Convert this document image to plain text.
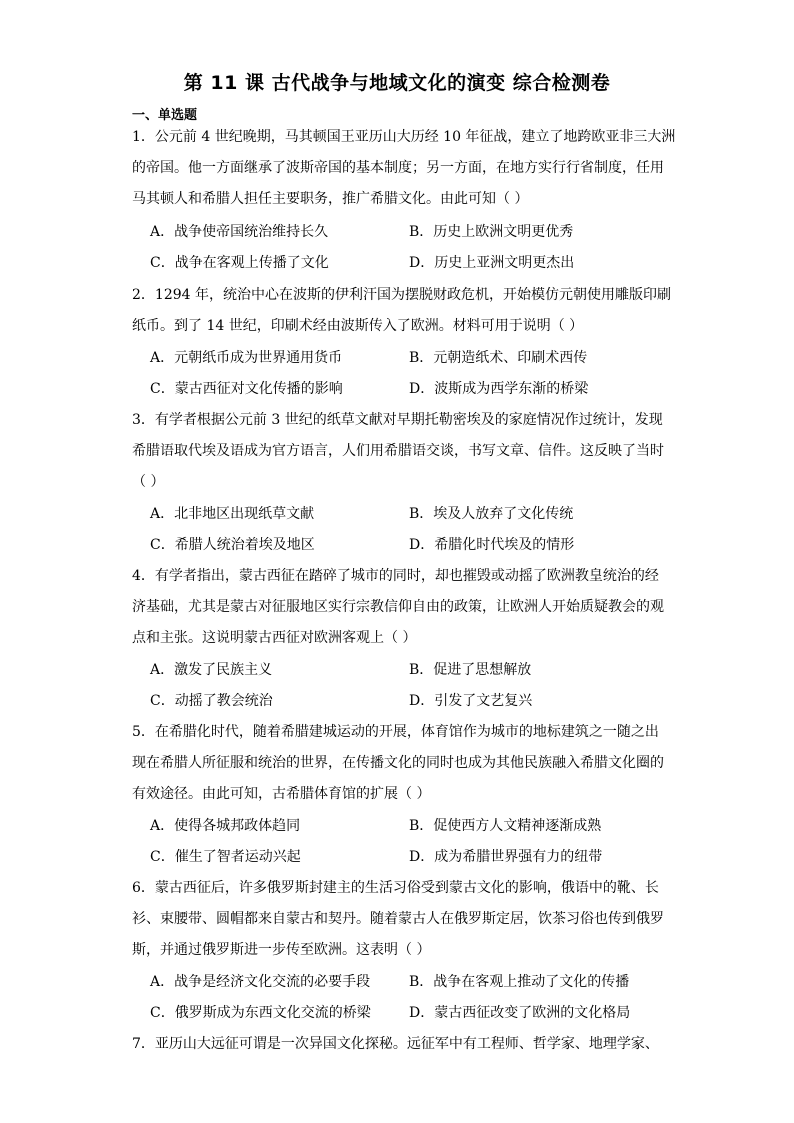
第 11 课 古代战争与地域文化的演变 综合检测卷
一、单选题
1．公元前 4 世纪晚期，马其顿国王亚历山大历经 10 年征战，建立了地跨欧亚非三大洲
的帝国。他一方面继承了波斯帝国的基本制度；另一方面，在地方实行行省制度，任用
马其顿人和希腊人担任主要职务，推广希腊文化。由此可知（ ）
A．战争使帝国统治维持长久	B．历史上欧洲文明更优秀
C．战争在客观上传播了文化	D．历史上亚洲文明更杰出
2．1294 年，统治中心在波斯的伊利汗国为摆脱财政危机，开始模仿元朝使用雕版印刷
纸币。到了 14 世纪，印刷术经由波斯传入了欧洲。材料可用于说明（ ）
A．元朝纸币成为世界通用货币	B．元朝造纸术、印刷术西传
C．蒙古西征对文化传播的影响	D．波斯成为西学东渐的桥梁
3．有学者根据公元前 3 世纪的纸草文献对早期托勒密埃及的家庭情况作过统计，发现
希腊语取代埃及语成为官方语言，人们用希腊语交谈，书写文章、信件。这反映了当时
（ ）
A．北非地区出现纸草文献	B．埃及人放弃了文化传统
C．希腊人统治着埃及地区	D．希腊化时代埃及的情形
4．有学者指出，蒙古西征在踏碎了城市的同时，却也摧毁或动摇了欧洲教皇统治的经
济基础，尤其是蒙古对征服地区实行宗教信仰自由的政策，让欧洲人开始质疑教会的观
点和主张。这说明蒙古西征对欧洲客观上（ ）
A．激发了民族主义	B．促进了思想解放
C．动摇了教会统治	D．引发了文艺复兴
5．在希腊化时代，随着希腊建城运动的开展，体育馆作为城市的地标建筑之一随之出
现在希腊人所征服和统治的世界，在传播文化的同时也成为其他民族融入希腊文化圈的
有效途径。由此可知，古希腊体育馆的扩展（ ）
A．使得各城邦政体趋同	B．促使西方人文精神逐渐成熟
C．催生了智者运动兴起	D．成为希腊世界强有力的纽带
6．蒙古西征后，许多俄罗斯封建主的生活习俗受到蒙古文化的影响，俄语中的靴、长
衫、束腰带、圆帽都来自蒙古和契丹。随着蒙古人在俄罗斯定居，饮茶习俗也传到俄罗
斯，并通过俄罗斯进一步传至欧洲。这表明（ ）
A．战争是经济文化交流的必要手段	B．战争在客观上推动了文化的传播
C．俄罗斯成为东西文化交流的桥梁	D．蒙古西征改变了欧洲的文化格局
7．亚历山大远征可谓是一次异国文化探秘。远征军中有工程师、哲学家、地理学家、
